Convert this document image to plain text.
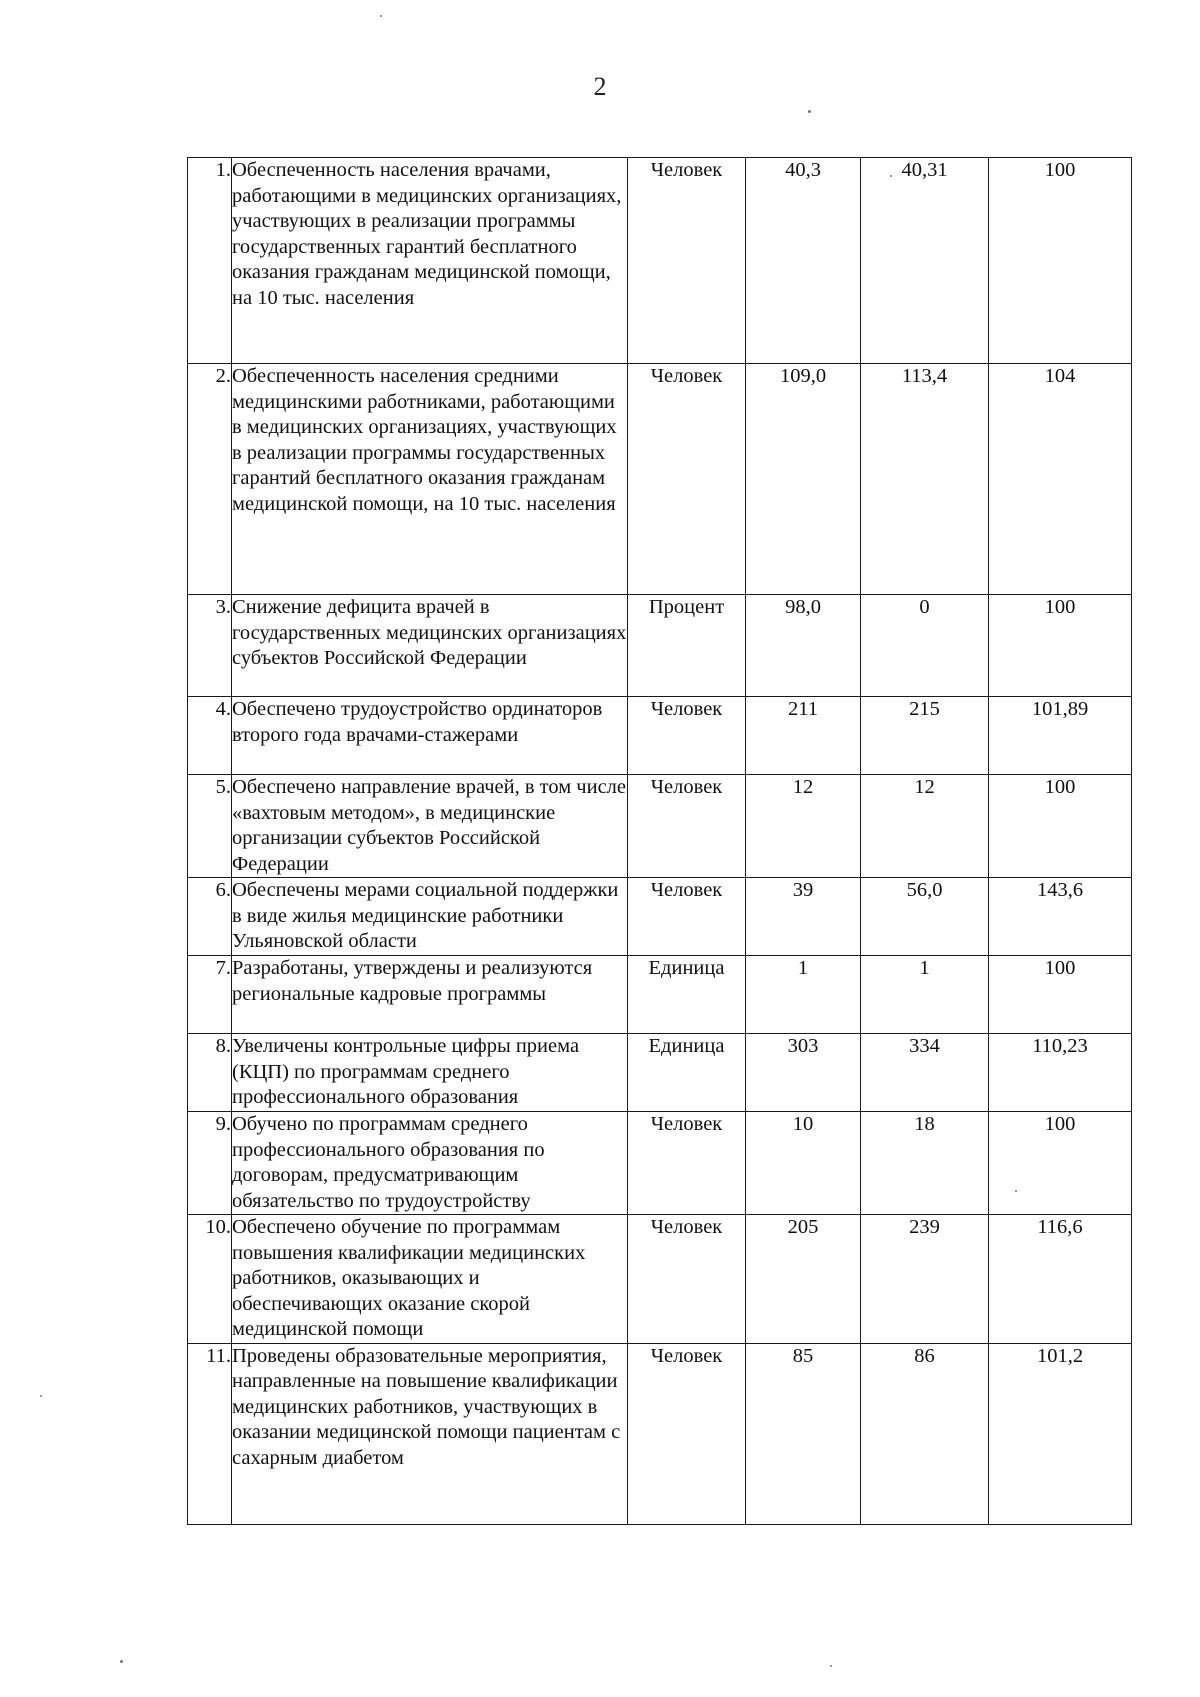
2
1.	Обеспеченность населения врачами, работающими в медицинских организациях, участвующих в реализации программы государственных гарантий бесплатного оказания гражданам медицинской помощи, на 10 тыс. населения	Человек	40,3	40,31	100
2.	Обеспеченность населения средними медицинскими работниками, работающими в медицинских организациях, участвующих в реализации программы государственных гарантий бесплатного оказания гражданам медицинской помощи, на 10 тыс. населения	Человек	109,0	113,4	104
3.	Снижение дефицита врачей в государственных медицинских организациях субъектов Российской Федерации	Процент	98,0	0	100
4.	Обеспечено трудоустройство ординаторов второго года врачами-стажерами	Человек	211	215	101,89
5.	Обеспечено направление врачей, в том числе «вахтовым методом», в медицинские организации субъектов Российской Федерации	Человек	12	12	100
6.	Обеспечены мерами социальной поддержки в виде жилья медицинские работники Ульяновской области	Человек	39	56,0	143,6
7.	Разработаны, утверждены и реализуются региональные кадровые программы	Единица	1	1	100
8.	Увеличены контрольные цифры приема (КЦП) по программам среднего профессионального образования	Единица	303	334	110,23
9.	Обучено по программам среднего профессионального образования по договорам, предусматривающим обязательство по трудоустройству	Человек	10	18	100
10.	Обеспечено обучение по программам повышения квалификации медицинских работников, оказывающих и обеспечивающих оказание скорой медицинской помощи	Человек	205	239	116,6
11.	Проведены образовательные мероприятия, направленные на повышение квалификации медицинских работников, участвующих в оказании медицинской помощи пациентам с сахарным диабетом	Человек	85	86	101,2
